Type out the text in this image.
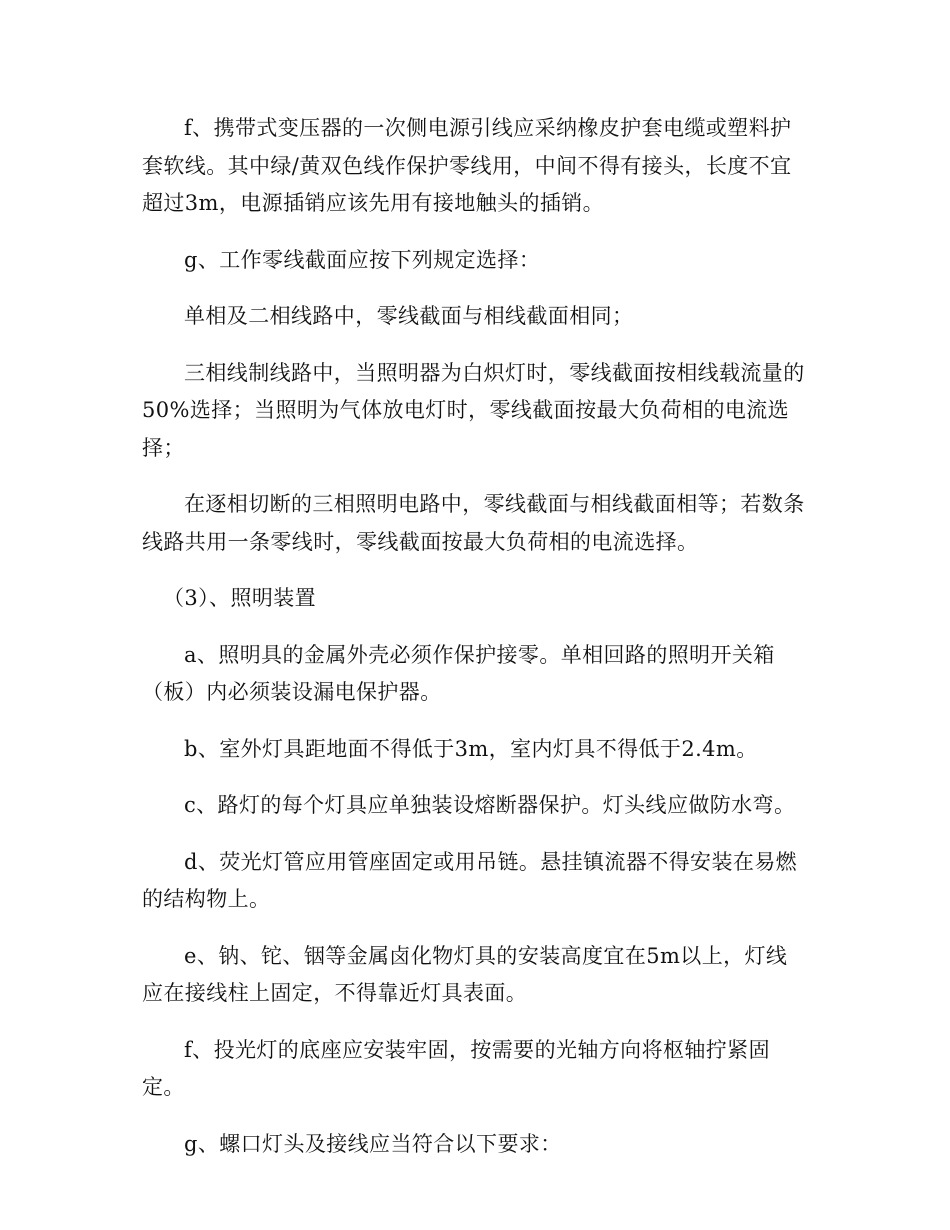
f、携带式变压器的一次侧电源引线应采纳橡皮护套电缆或塑料护套软线。其中绿/黄双色线作保护零线用，中间不得有接头，长度不宜超过3m，电源插销应该先用有接地触头的插销。

g、工作零线截面应按下列规定选择：

单相及二相线路中，零线截面与相线截面相同；

三相线制线路中，当照明器为白炽灯时，零线截面按相线载流量的50%选择；当照明为气体放电灯时，零线截面按最大负荷相的电流选择；

在逐相切断的三相照明电路中，零线截面与相线截面相等；若数条线路共用一条零线时，零线截面按最大负荷相的电流选择。

（3）、照明装置

a、照明具的金属外壳必须作保护接零。单相回路的照明开关箱（板）内必须装设漏电保护器。

b、室外灯具距地面不得低于3m，室内灯具不得低于2.4m。

c、路灯的每个灯具应单独装设熔断器保护。灯头线应做防水弯。

d、荧光灯管应用管座固定或用吊链。悬挂镇流器不得安装在易燃的结构物上。

e、钠、铊、铟等金属卤化物灯具的安装高度宜在5m以上，灯线应在接线柱上固定，不得靠近灯具表面。

f、投光灯的底座应安装牢固，按需要的光轴方向将枢轴拧紧固定。

g、螺口灯头及接线应当符合以下要求：
